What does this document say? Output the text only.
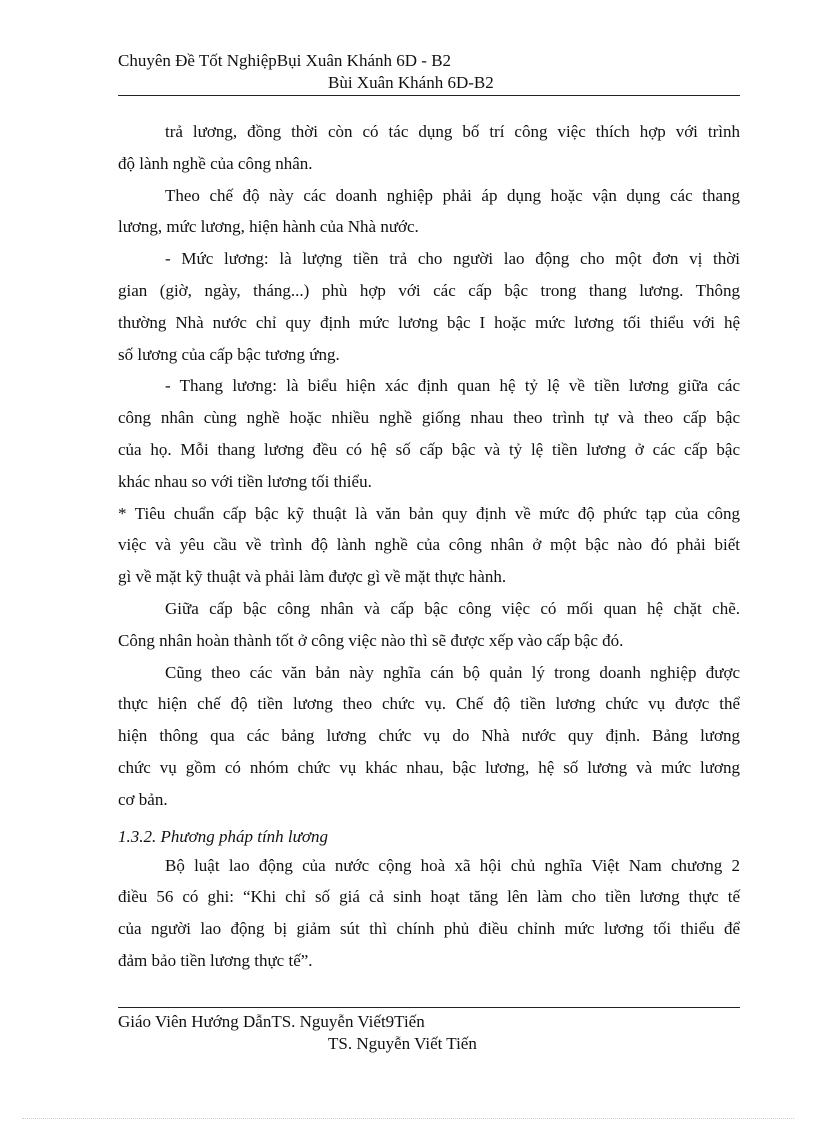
Chuyên Đề Tốt NghiệpBụi Xuân Khánh 6D - B2
Bùi Xuân Khánh 6D-B2
trả lương, đồng thời còn có tác dụng bố trí công việc thích hợp với trình
độ lành nghề của công nhân.
Theo chế độ này các doanh nghiệp phải áp dụng hoặc vận dụng các thang
lương, mức lương, hiện hành của Nhà nước.
- Mức lương: là lượng tiền trả cho người lao động cho một đơn vị thời
gian (giờ, ngày, tháng...) phù hợp với các cấp bậc trong thang lương. Thông
thường Nhà nước chỉ quy định mức lương bậc I hoặc mức lương tối thiểu với hệ
số lương của cấp bậc tương ứng.
- Thang lương: là biểu hiện xác định quan hệ tỷ lệ về tiền lương giữa các
công nhân cùng nghề hoặc nhiều nghề giống nhau theo trình tự và theo cấp bậc
của họ. Mỗi thang lương đều có hệ số cấp bậc và tỷ lệ tiền lương ở các cấp bậc
khác nhau so với tiền lương tối thiểu.
* Tiêu chuẩn cấp bậc kỹ thuật là văn bản quy định về mức độ phức tạp của công
việc và yêu cầu về trình độ lành nghề của công nhân ở một bậc nào đó phải biết
gì về mặt kỹ thuật và phải làm được gì về mặt thực hành.
Giữa cấp bậc công nhân và cấp bậc công việc có mối quan hệ chặt chẽ.
Công nhân hoàn thành tốt ở công việc nào thì sẽ được xếp vào cấp bậc đó.
Cũng theo các văn bản này nghĩa cán bộ quản lý trong doanh nghiệp được
thực hiện chế độ tiền lương theo chức vụ. Chế độ tiền lương chức vụ được thể
hiện thông qua các bảng lương chức vụ do Nhà nước quy định. Bảng lương
chức vụ gồm có nhóm chức vụ khác nhau, bậc lương, hệ số lương và mức lương
cơ bản.
1.3.2. Phương pháp tính lương
Bộ luật lao động của nước cộng hoà xã hội chủ nghĩa Việt Nam chương 2
điều 56 có ghi: “Khi chỉ số giá cả sinh hoạt tăng lên làm cho tiền lương thực tế
của người lao động bị giảm sút thì chính phủ điều chỉnh mức lương tối thiểu để
đảm bảo tiền lương thực tế”.
Giáo Viên Hướng DẫnTS. Nguyễn Viết9Tiến
TS. Nguyễn Viết Tiến
